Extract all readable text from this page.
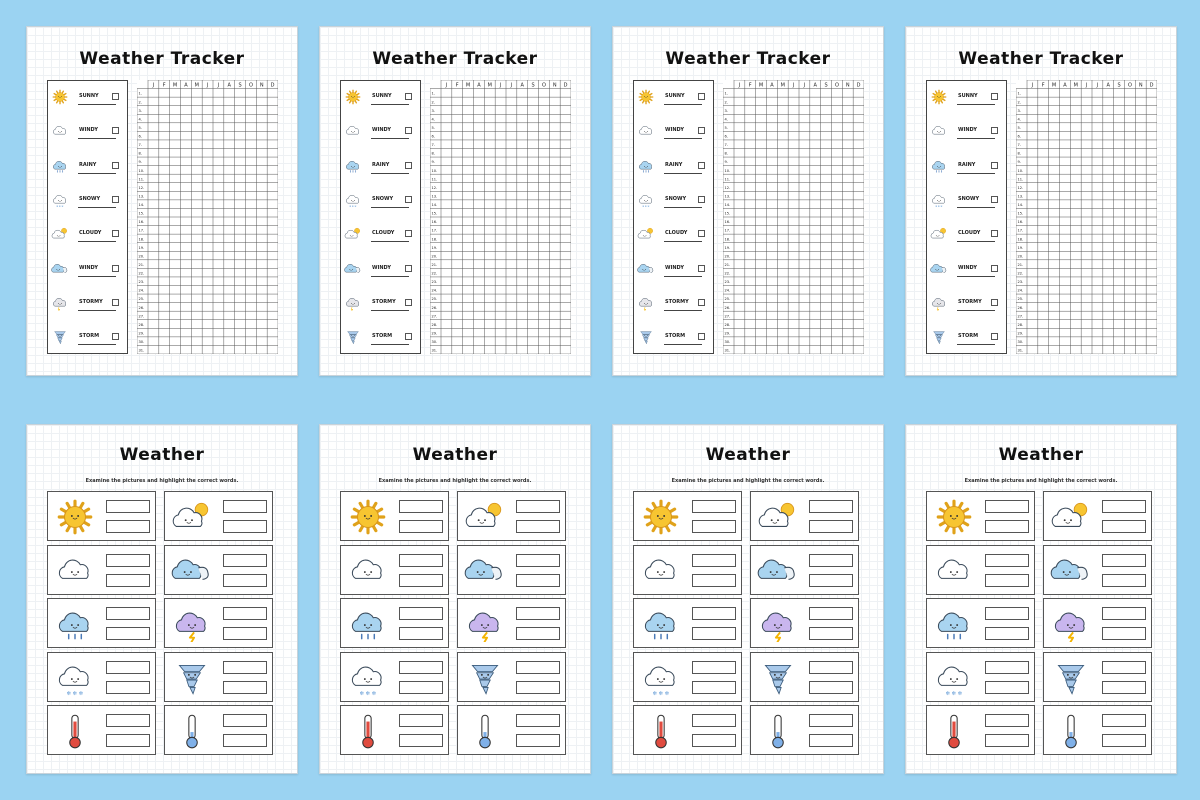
Weather Tracker
SUNNY
WINDY
RAINY
✻ ✻ ✻
SNOWY
CLOUDY
WINDY
STORMY
STORM
J F M A M J J A S O N D
1.
2.
3.
4.
5.
6.
7.
8.
9.
10.
11.
12.
13.
14.
15.
16.
17.
18.
19.
20.
21.
22.
23.
24.
25.
26.
27.
28.
29.
30.
31.
Weather Tracker
SUNNY
WINDY
RAINY
✻ ✻ ✻
SNOWY
CLOUDY
WINDY
STORMY
STORM
J F M A M J J A S O N D
1.
2.
3.
4.
5.
6.
7.
8.
9.
10.
11.
12.
13.
14.
15.
16.
17.
18.
19.
20.
21.
22.
23.
24.
25.
26.
27.
28.
29.
30.
31.
Weather Tracker
SUNNY
WINDY
RAINY
✻ ✻ ✻
SNOWY
CLOUDY
WINDY
STORMY
STORM
J F M A M J J A S O N D
1.
2.
3.
4.
5.
6.
7.
8.
9.
10.
11.
12.
13.
14.
15.
16.
17.
18.
19.
20.
21.
22.
23.
24.
25.
26.
27.
28.
29.
30.
31.
Weather Tracker
SUNNY
WINDY
RAINY
✻ ✻ ✻
SNOWY
CLOUDY
WINDY
STORMY
STORM
J F M A M J J A S O N D
1.
2.
3.
4.
5.
6.
7.
8.
9.
10.
11.
12.
13.
14.
15.
16.
17.
18.
19.
20.
21.
22.
23.
24.
25.
26.
27.
28.
29.
30.
31.
Weather
Examine the pictures and highlight the correct words.
✻ ✻ ✻
Weather
Examine the pictures and highlight the correct words.
✻ ✻ ✻
Weather
Examine the pictures and highlight the correct words.
✻ ✻ ✻
Weather
Examine the pictures and highlight the correct words.
✻ ✻ ✻
